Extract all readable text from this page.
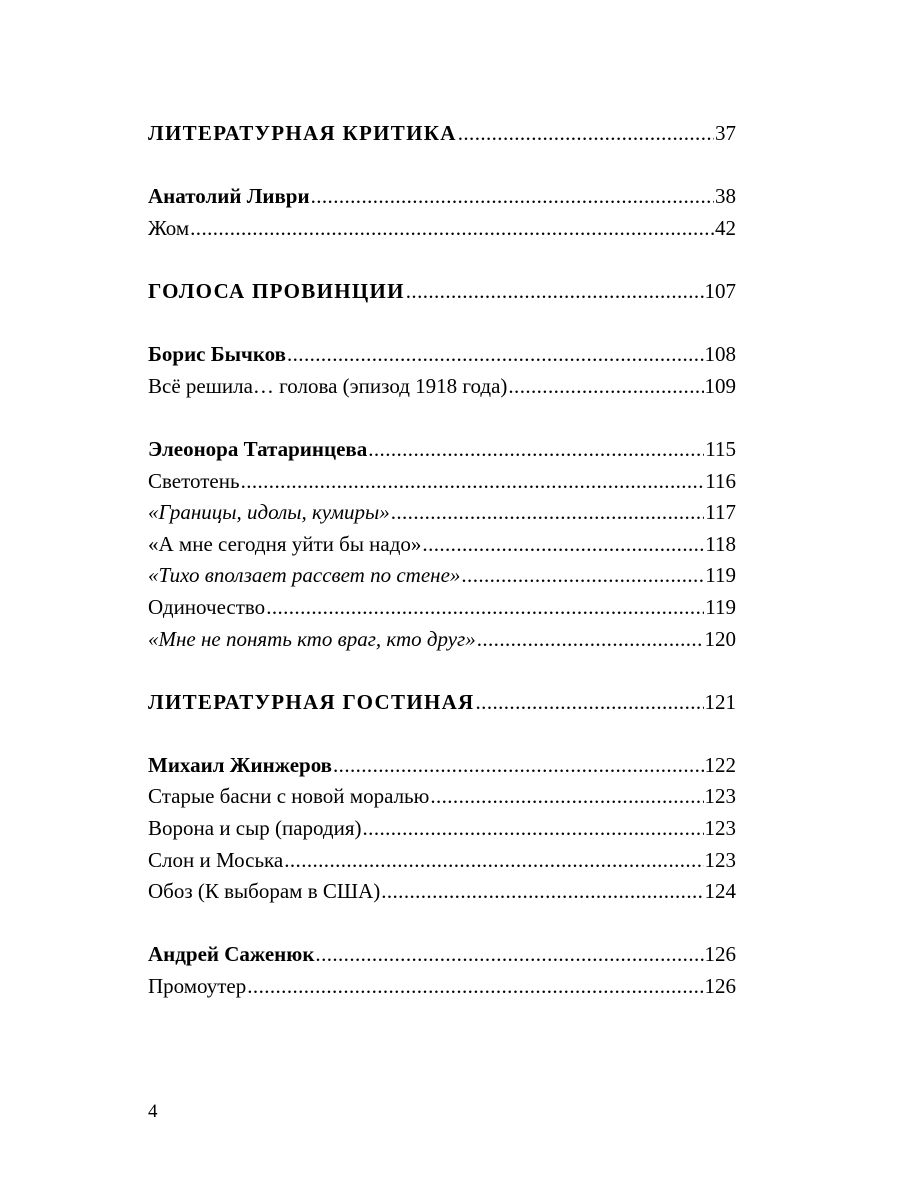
ЛИТЕРАТУРНАЯ КРИТИКА .....	37
Анатолий Ливри .....	38
Жом .....	42
ГОЛОСА ПРОВИНЦИИ .....	107
Борис Бычков .....	108
Всё решила… голова (эпизод 1918 года) .....	109
Элеонора Татаринцева .....	115
Светотень .....	116
«Границы, идолы, кумиры» .....	117
«А мне сегодня уйти бы надо» .....	118
«Тихо вползает рассвет по стене» .....	119
Одиночество .....	119
«Мне не понять кто враг, кто друг» .....	120
ЛИТЕРАТУРНАЯ ГОСТИНАЯ .....	121
Михаил Жинжеров .....	122
Старые басни с новой моралью .....	123
Ворона и сыр (пародия) .....	123
Слон и Моська .....	123
Обоз (К выборам в США) .....	124
Андрей Саженюк .....	126
Промоутер .....	126
4
